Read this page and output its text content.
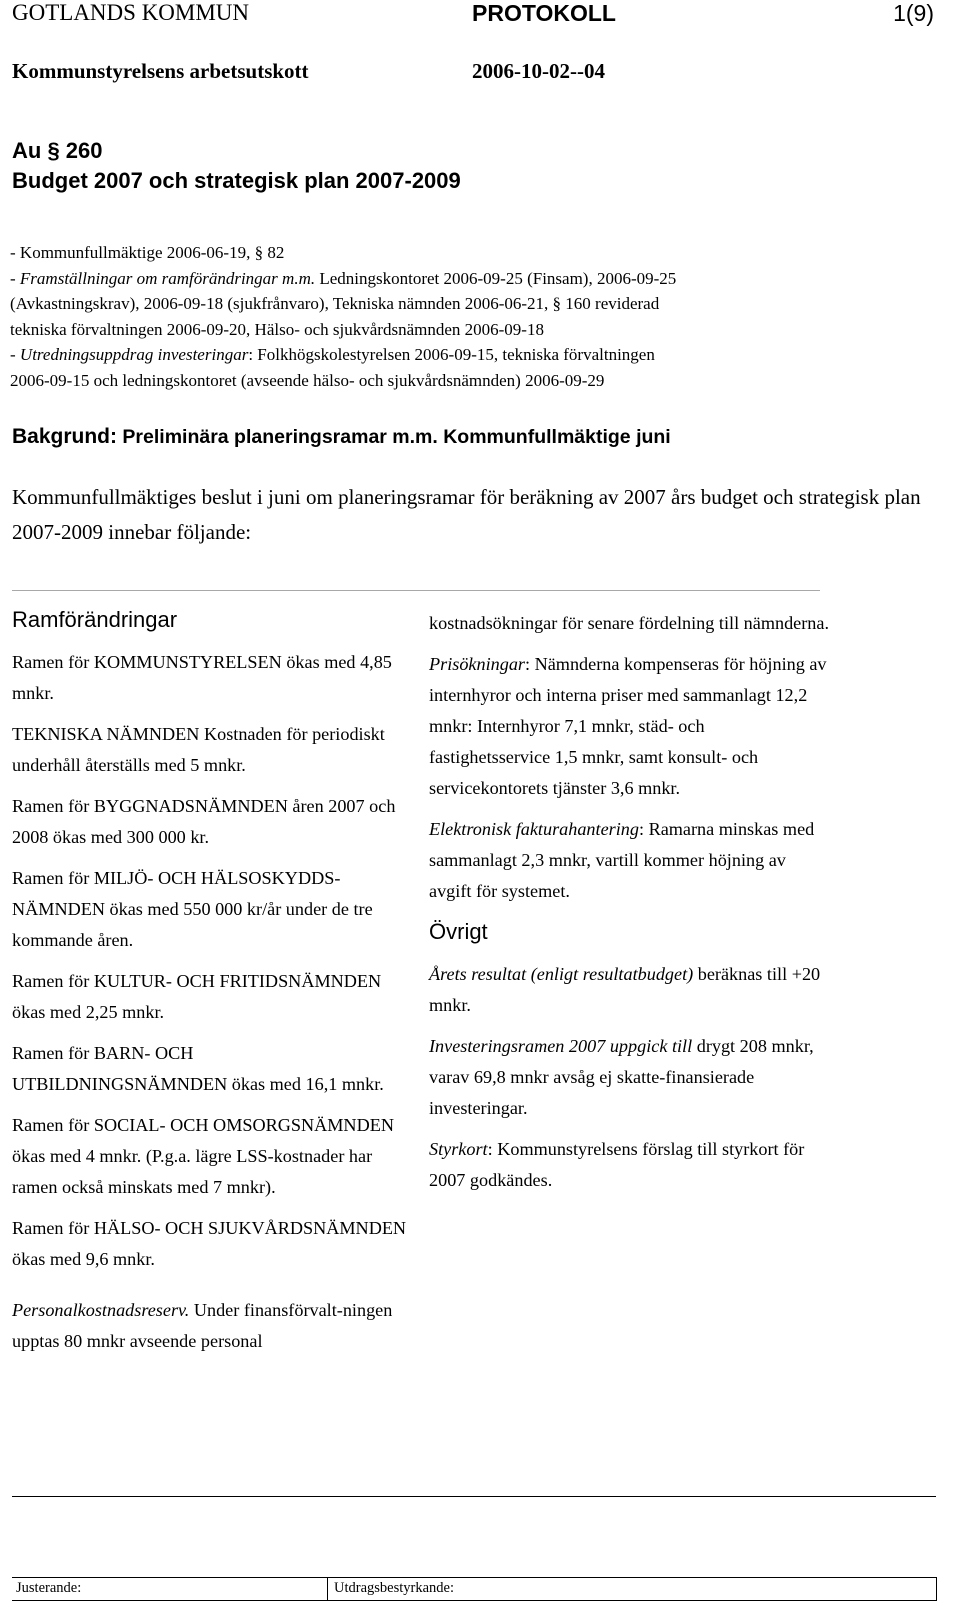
GOTLANDS KOMMUN	PROTOKOLL	1(9)
Kommunstyrelsens arbetsutskott	2006-10-02--04
Au § 260
Budget 2007 och strategisk plan 2007-2009

- Kommunfullmäktige 2006-06-19, § 82

- Framställningar om ramförändringar m.m. Ledningskontoret 2006-09-25 (Finsam), 2006-09-25

(Avkastningskrav), 2006-09-18 (sjukfrånvaro), Tekniska nämnden 2006-06-21, § 160 reviderad

tekniska förvaltningen 2006-09-20, Hälso- och sjukvårdsnämnden 2006-09-18

- Utredningsuppdrag investeringar: Folkhögskolestyrelsen 2006-09-15, tekniska förvaltningen

2006-09-15 och ledningskontoret (avseende hälso- och sjukvårdsnämnden) 2006-09-29

Bakgrund: Preliminära planeringsramar m.m. Kommunfullmäktige juni
Kommunfullmäktiges beslut i juni om planeringsramar för beräkning av 2007 års budget och strategisk plan 2007-2009 innebar följande:
Ramförändringar

Ramen för KOMMUNSTYRELSEN ökas med 4,85 mnkr.

TEKNISKA NÄMNDEN Kostnaden för periodiskt underhåll återställs med 5 mnkr.

Ramen för BYGGNADSNÄMNDEN åren 2007 och 2008 ökas med 300 000 kr.

Ramen för MILJÖ- OCH HÄLSOSKYDDS-NÄMNDEN ökas med 550 000 kr/år under de tre kommande åren.

Ramen för KULTUR- OCH FRITIDSNÄMNDEN ökas med 2,25 mnkr.

Ramen för BARN- OCH UTBILDNINGSNÄMNDEN ökas med 16,1 mnkr.

Ramen för SOCIAL- OCH OMSORGSNÄMNDEN ökas med 4 mnkr. (P.g.a. lägre LSS-kostnader har ramen också minskats med 7 mnkr).

Ramen för HÄLSO- OCH SJUKVÅRDSNÄMNDEN ökas med 9,6 mnkr.

Personalkostnadsreserv. Under finansförvalt-ningen upptas 80 mnkr avseende personal

kostnadsökningar för senare fördelning till nämnderna.

Prisökningar: Nämnderna kompenseras för höjning av internhyror och interna priser med sammanlagt 12,2 mnkr: Internhyror 7,1 mnkr, städ- och fastighetsservice 1,5 mnkr, samt konsult- och servicekontorets tjänster 3,6 mnkr.

Elektronisk fakturahantering: Ramarna minskas med sammanlagt 2,3 mnkr, vartill kommer höjning av avgift för systemet.

Övrigt

Årets resultat (enligt resultatbudget) beräknas till +20 mnkr.

Investeringsramen 2007 uppgick till drygt 208 mnkr, varav 69,8 mnkr avsåg ej skatte-finansierade investeringar.

Styrkort: Kommunstyrelsens förslag till styrkort för 2007 godkändes.

Justerande:	Utdragsbestyrkande:
